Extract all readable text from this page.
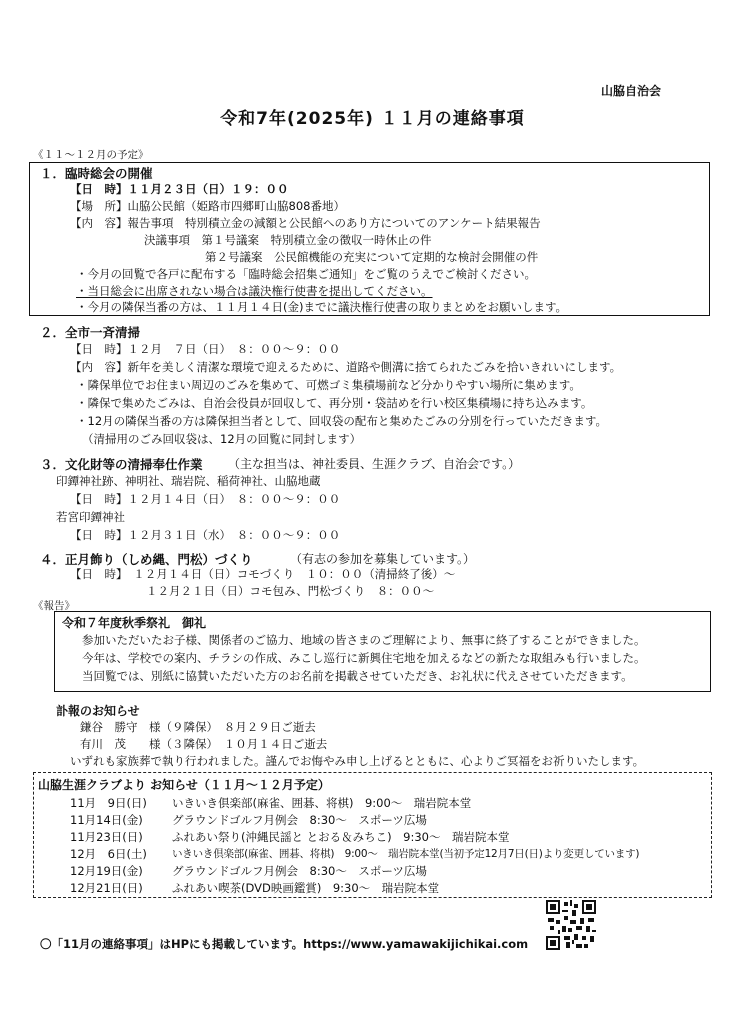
山脇自治会
令和7年(2025年) １１月の連絡事項
《１１～１２月の予定》
１．臨時総会の開催
【日　時】１１月２３日（日）１９：００
【場　所】山脇公民館（姫路市四郷町山脇808番地）
【内　容】報告事項　特別積立金の減額と公民館へのあり方についてのアンケート結果報告
決議事項　第１号議案　特別積立金の徴収一時休止の件
第２号議案　公民館機能の充実について定期的な検討会開催の件
・今月の回覧で各戸に配布する「臨時総会招集ご通知」をご覧のうえでご検討ください。
・当日総会に出席されない場合は議決権行使書を提出してください。
・今月の隣保当番の方は、１１月１４日(金)までに議決権行使書の取りまとめをお願いします。
２．全市一斉清掃
【日　時】１２月　７日（日）　８：００～９：００
【内　容】新年を美しく清潔な環境で迎えるために、道路や側溝に捨てられたごみを拾いきれいにします。
・隣保単位でお住まい周辺のごみを集めて、可燃ゴミ集積場前など分かりやすい場所に集めます。
・隣保で集めたごみは、自治会役員が回収して、再分別・袋詰めを行い校区集積場に持ち込みます。
・12月の隣保当番の方は隣保担当者として、回収袋の配布と集めたごみの分別を行っていただきます。
（清掃用のごみ回収袋は、12月の回覧に同封します）
３．文化財等の清掃奉仕作業 （主な担当は、神社委員、生涯クラブ、自治会です。）
印鐔神社跡、神明社、瑞岩院、稲荷神社、山脇地蔵
【日　時】１２月１４日（日）　８：００～９：００
若宮印鐔神社
【日　時】１２月３１日（水）　８：００～９：００
４．正月飾り（しめ縄、門松）づくり	（有志の参加を募集しています。）
【日　時】　１２月１４日（日）コモづくり　１０：００（清掃終了後）～
１２月２１日（日）コモ包み、門松づくり　８：００～
《報告》
令和７年度秋季祭礼　御礼
参加いただいたお子様、関係者のご協力、地域の皆さまのご理解により、無事に終了することができました。
今年は、学校での案内、チラシの作成、みこし巡行に新興住宅地を加えるなどの新たな取組みも行いました。
当回覧では、別紙に協賛いただいた方のお名前を掲載させていただき、お礼状に代えさせていただきます。
訃報のお知らせ
鎌谷　勝守　様（９隣保）　８月２９日ご逝去
有川　茂　　様（３隣保）　１０月１４日ご逝去
いずれも家族葬で執り行われました。謹んでお悔やみ申し上げるとともに、心よりご冥福をお祈りいたします。
山脇生涯クラブより お知らせ（１１月～１２月予定）
11月　9日(日) いきいき倶楽部(麻雀、囲碁、将棋)　9:00～　瑞岩院本堂
11月14日(金)	グラウンドゴルフ月例会　8:30～　スポーツ広場
11月23日(日)	ふれあい祭り(沖縄民謡と とおる＆みちこ)　9:30～　瑞岩院本堂
12月　6日(土) いきいき倶楽部(麻雀、囲碁、将棋)　9:00～　瑞岩院本堂(当初予定12月7日(日)より変更しています)
12月19日(金)	グラウンドゴルフ月例会　8:30～　スポーツ広場
12月21日(日)	ふれあい喫茶(DVD映画鑑賞)　9:30～　瑞岩院本堂
〇「11月の連絡事項」はHPにも掲載しています。https://www.yamawakijichikai.com
